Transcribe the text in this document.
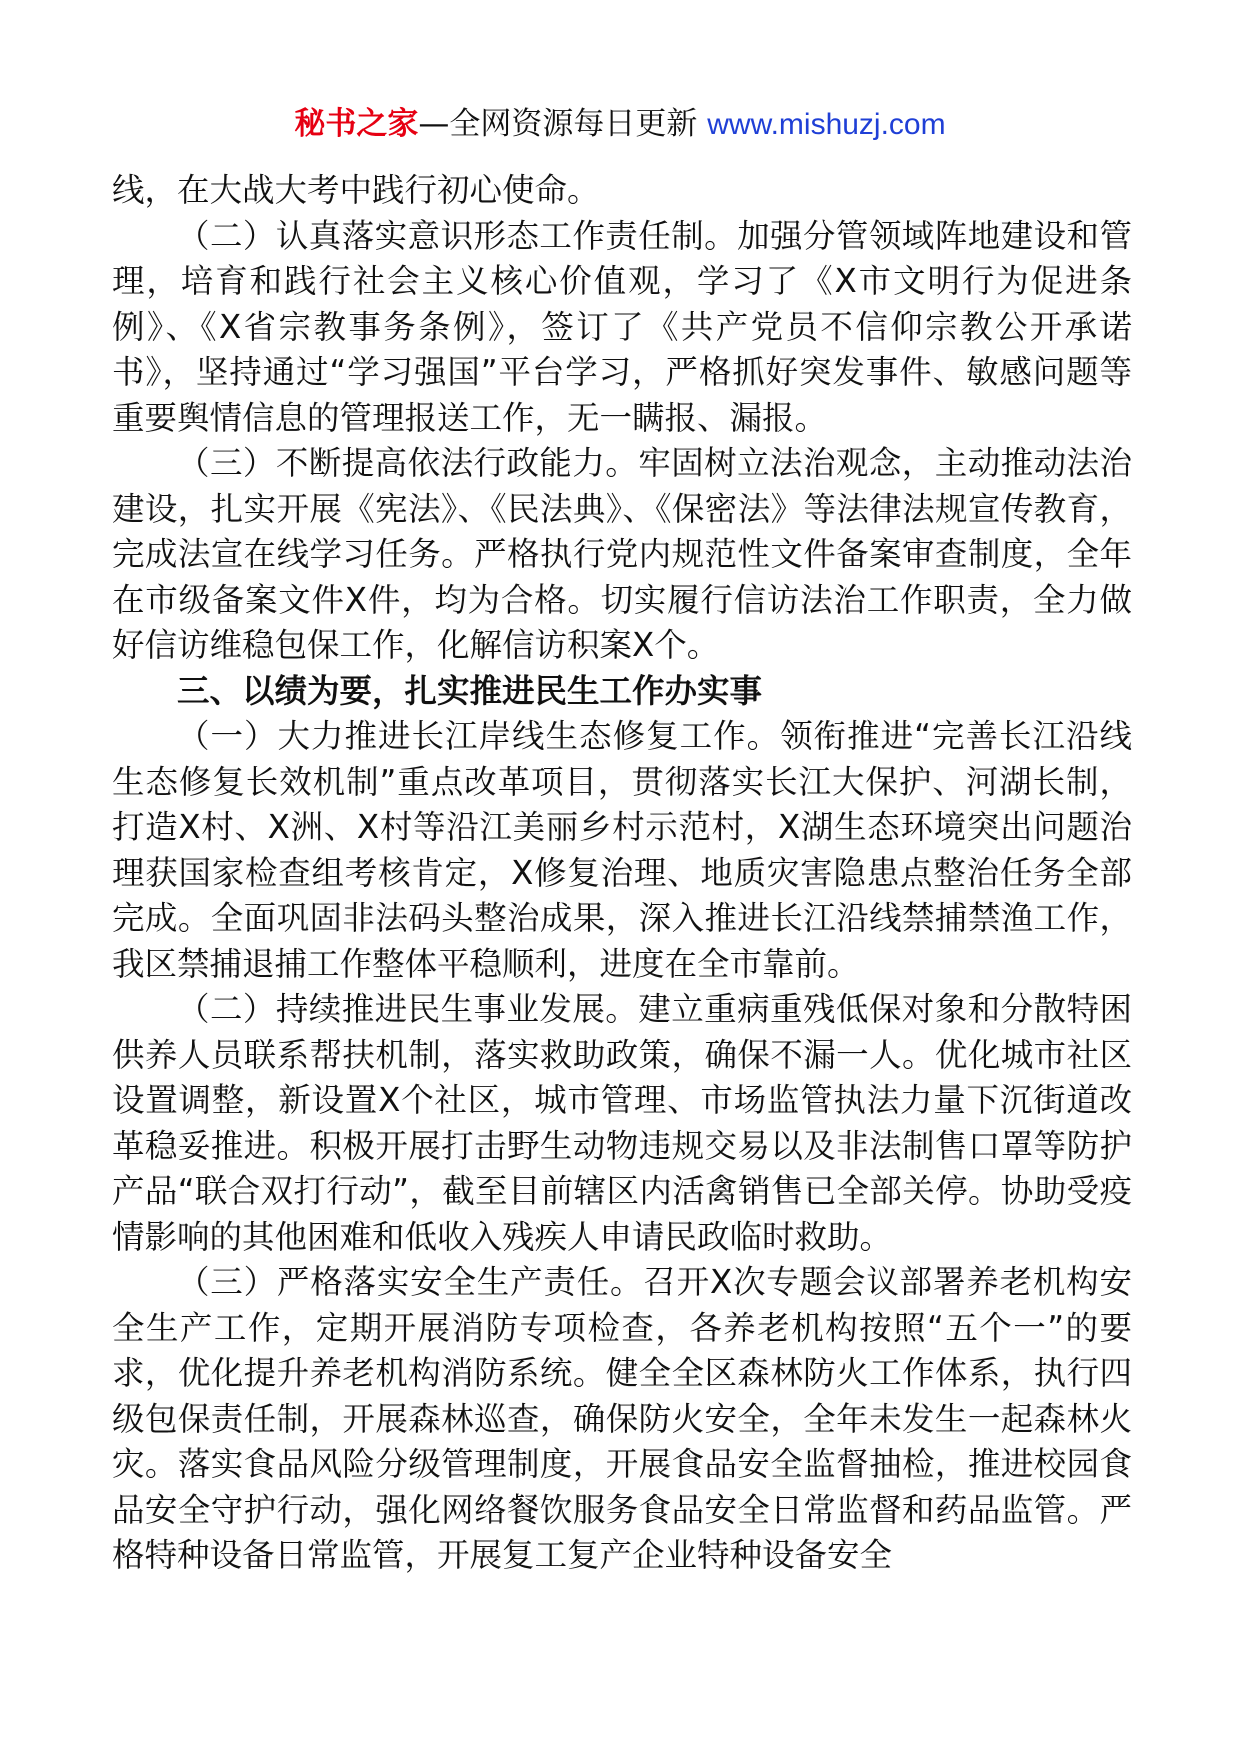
秘书之家—全网资源每日更新 www.mishuzj.com

线，在大战大考中践行初心使命。

（二）认真落实意识形态工作责任制。加强分管领域阵地建设和管理，培育和践行社会主义核心价值观，学习了《X市文明行为促进条例》、《X省宗教事务条例》，签订了《共产党员不信仰宗教公开承诺书》，坚持通过“学习强国”平台学习，严格抓好突发事件、敏感问题等重要舆情信息的管理报送工作，无一瞒报、漏报。

（三）不断提高依法行政能力。牢固树立法治观念，主动推动法治建设，扎实开展《宪法》、《民法典》、《保密法》等法律法规宣传教育，完成法宣在线学习任务。严格执行党内规范性文件备案审查制度，全年在市级备案文件X件，均为合格。切实履行信访法治工作职责，全力做好信访维稳包保工作，化解信访积案X个。

三、以绩为要，扎实推进民生工作办实事

（一）大力推进长江岸线生态修复工作。领衔推进“完善长江沿线生态修复长效机制”重点改革项目，贯彻落实长江大保护、河湖长制，打造X村、X洲、X村等沿江美丽乡村示范村，X湖生态环境突出问题治理获国家检查组考核肯定，X修复治理、地质灾害隐患点整治任务全部完成。全面巩固非法码头整治成果，深入推进长江沿线禁捕禁渔工作，我区禁捕退捕工作整体平稳顺利，进度在全市靠前。

（二）持续推进民生事业发展。建立重病重残低保对象和分散特困供养人员联系帮扶机制，落实救助政策，确保不漏一人。优化城市社区设置调整，新设置X个社区，城市管理、市场监管执法力量下沉街道改革稳妥推进。积极开展打击野生动物违规交易以及非法制售口罩等防护产品“联合双打行动”，截至目前辖区内活禽销售已全部关停。协助受疫情影响的其他困难和低收入残疾人申请民政临时救助。

（三）严格落实安全生产责任。召开X次专题会议部署养老机构安全生产工作，定期开展消防专项检查，各养老机构按照“五个一”的要求，优化提升养老机构消防系统。健全全区森林防火工作体系，执行四级包保责任制，开展森林巡查，确保防火安全，全年未发生一起森林火灾。落实食品风险分级管理制度，开展食品安全监督抽检，推进校园食品安全守护行动，强化网络餐饮服务食品安全日常监督和药品监管。严格特种设备日常监管，开展复工复产企业特种设备安全
